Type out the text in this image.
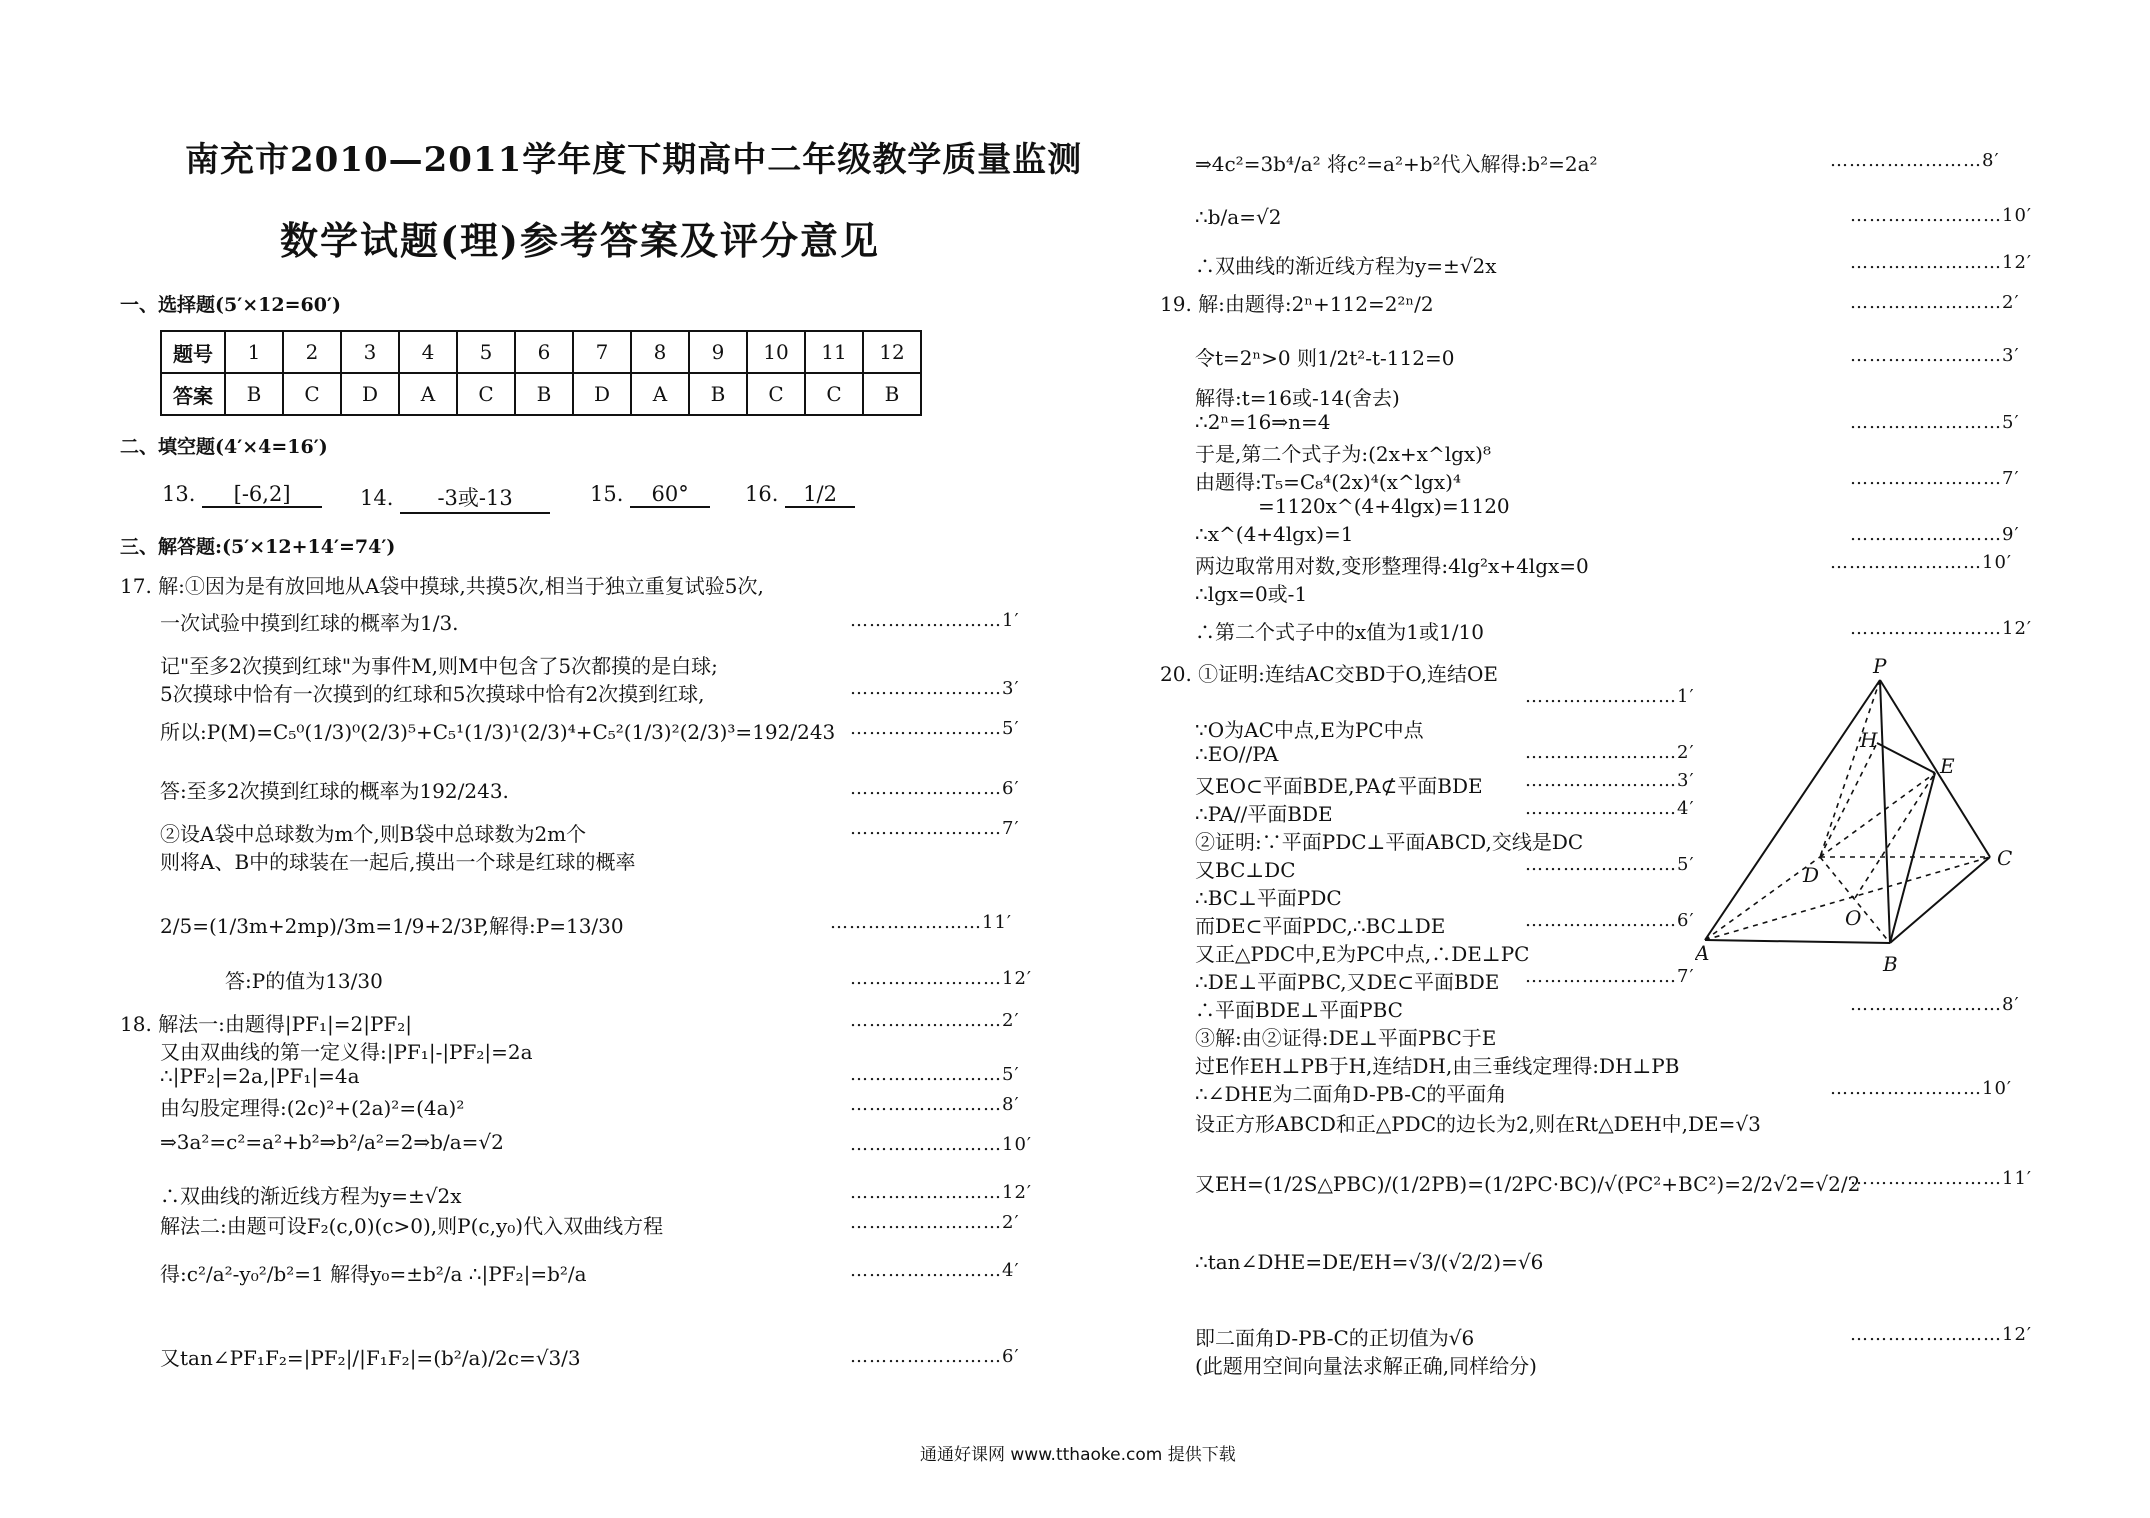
南充市2010—2011学年度下期高中二年级教学质量监测
数学试题(理)参考答案及评分意见
一、选择题(5′×12=60′)
题号	1	2	3	4	5	6	7	8	9	10	11	12
答案	B	C	D	A	C	B	D	A	B	C	C	B
二、填空题(4′×4=16′)
13. [-6,2]	14. -3或-13	15. 60°	16. 1/2
三、解答题:(5′×12+14′=74′)
17. 解:①因为是有放回地从A袋中摸球,共摸5次,相当于独立重复试验5次,
一次试验中摸到红球的概率为1/3.	……………………1′
记"至多2次摸到红球"为事件M,则M中包含了5次都摸的是白球;
5次摸球中恰有一次摸到的红球和5次摸球中恰有2次摸到红球,	……………………3′
所以:P(M)=C₅⁰(1/3)⁰(2/3)⁵+C₅¹(1/3)¹(2/3)⁴+C₅²(1/3)²(2/3)³=192/243 ……………………5′
答:至多2次摸到红球的概率为192/243.	……………………6′
②设A袋中总球数为m个,则B袋中总球数为2m个	……………………7′
则将A、B中的球装在一起后,摸出一个球是红球的概率
2/5=(1/3m+2mp)/3m=1/9+2/3P,解得:P=13/30	……………………11′
答:P的值为13/30	……………………12′
18. 解法一:由题得|PF₁|=2|PF₂|	……………………2′
又由双曲线的第一定义得:|PF₁|-|PF₂|=2a
∴|PF₂|=2a,|PF₁|=4a	……………………5′
由勾股定理得:(2c)²+(2a)²=(4a)²	……………………8′
⇒3a²=c²=a²+b²⇒b²/a²=2⇒b/a=√2	……………………10′
∴双曲线的渐近线方程为y=±√2x	……………………12′
解法二:由题可设F₂(c,0)(c>0),则P(c,y₀)代入双曲线方程	……………………2′
得:c²/a²-y₀²/b²=1 解得y₀=±b²/a ∴|PF₂|=b²/a	……………………4′
又tan∠PF₁F₂=|PF₂|/|F₁F₂|=(b²/a)/2c=√3/3	……………………6′
⇒4c²=3b⁴/a² 将c²=a²+b²代入解得:b²=2a²	……………………8′
∴b/a=√2	……………………10′
∴双曲线的渐近线方程为y=±√2x	……………………12′
19. 解:由题得:2ⁿ+112=2²ⁿ/2	……………………2′
令t=2ⁿ>0 则1/2t²-t-112=0	……………………3′
解得:t=16或-14(舍去)
∴2ⁿ=16⇒n=4	……………………5′
于是,第二个式子为:(2x+x^lgx)⁸
由题得:T₅=C₈⁴(2x)⁴(x^lgx)⁴	……………………7′
=1120x^(4+4lgx)=1120
∴x^(4+4lgx)=1	……………………9′
两边取常用对数,变形整理得:4lg²x+4lgx=0	……………………10′
∴lgx=0或-1
∴第二个式子中的x值为1或1/10	……………………12′
20. ①证明:连结AC交BD于O,连结OE
……………………1′
∵O为AC中点,E为PC中点
∴EO//PA	……………………2′
又EO⊂平面BDE,PA⊄平面BDE ……………………3′
∴PA//平面BDE	……………………4′
②证明:∵平面PDC⊥平面ABCD,交线是DC
又BC⊥DC	……………………5′
∴BC⊥平面PDC
而DE⊂平面PDC,∴BC⊥DE	……………………6′
又正△PDC中,E为PC中点,∴DE⊥PC
∴DE⊥平面PBC,又DE⊂平面BDE ……………………7′
∴平面BDE⊥平面PBC	……………………8′
③解:由②证得:DE⊥平面PBC于E
过E作EH⊥PB于H,连结DH,由三垂线定理得:DH⊥PB
∴∠DHE为二面角D-PB-C的平面角	……………………10′
设正方形ABCD和正△PDC的边长为2,则在Rt△DEH中,DE=√3
又EH=(1/2S△PBC)/(1/2PB)=(1/2PC·BC)/√(PC²+BC²)=2/2√2=√2/2
……………………11′
∴tan∠DHE=DE/EH=√3/(√2/2)=√6
即二面角D-PB-C的正切值为√6	……………………12′
(此题用空间向量法求解正确,同样给分)
P
H
E
D
C
O
A	B
通通好课网 www.tthaoke.com 提供下载
